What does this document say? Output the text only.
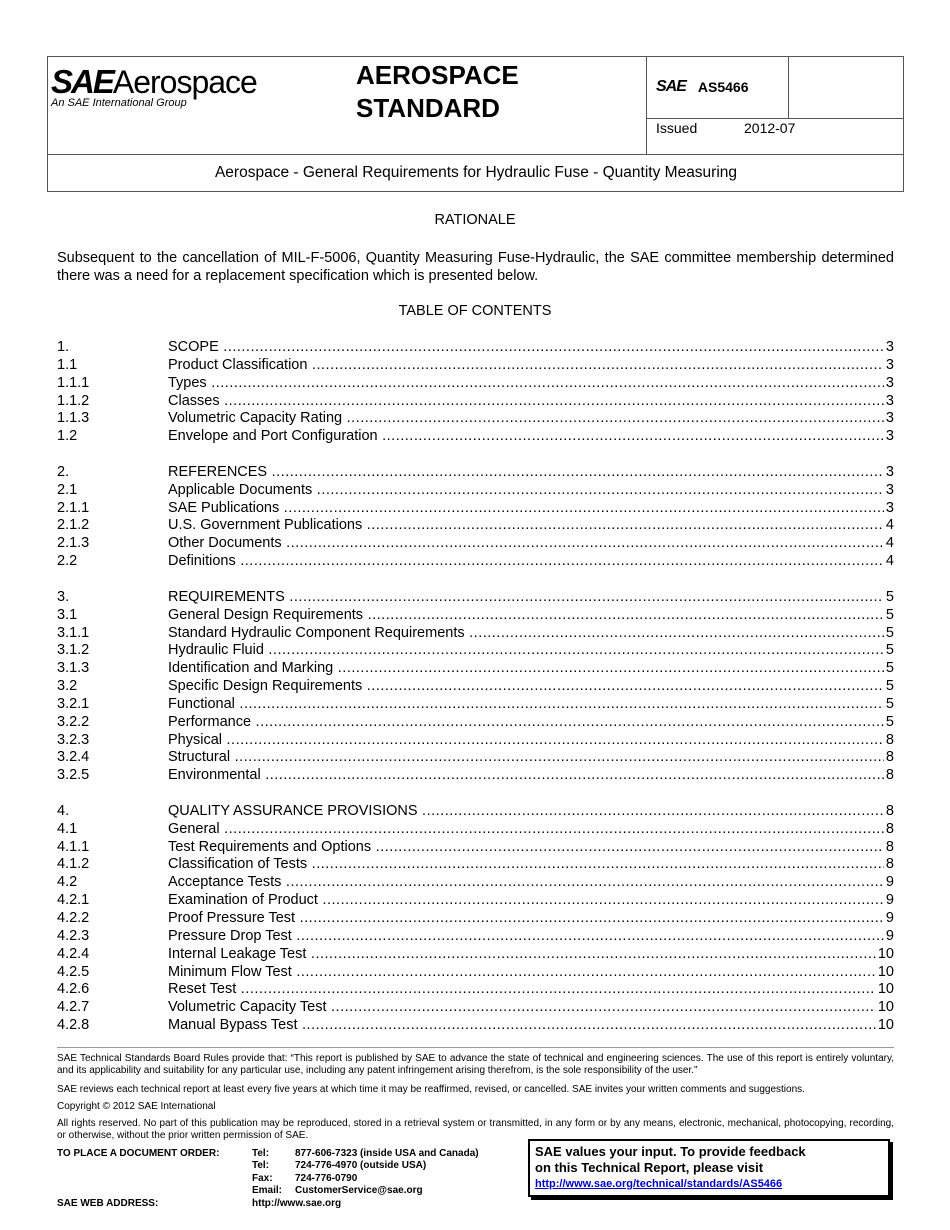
SAEAerospace
An SAE International Group
AEROSPACE
STANDARD
SAE AS5466
Issued	2012-07
Aerospace - General Requirements for Hydraulic Fuse - Quantity Measuring
RATIONALE
Subsequent to the cancellation of MIL-F-5006, Quantity Measuring Fuse-Hydraulic, the SAE committee membership determined there was a need for a replacement specification which is presented below.
TABLE OF CONTENTS
1.	SCOPE .....	3
1.1	Product Classification .....	3
1.1.1	Types .....	3
1.1.2	Classes .....	3
1.1.3	Volumetric Capacity Rating .....	3
1.2	Envelope and Port Configuration .....	3
2.	REFERENCES .....	3
2.1	Applicable Documents .....	3
2.1.1	SAE Publications .....	3
2.1.2	U.S. Government Publications .....	4
2.1.3	Other Documents .....	4
2.2	Definitions .....	4
3.	REQUIREMENTS .....	5
3.1	General Design Requirements .....	5
3.1.1	Standard Hydraulic Component Requirements .....	5
3.1.2	Hydraulic Fluid .....	5
3.1.3	Identification and Marking .....	5
3.2	Specific Design Requirements .....	5
3.2.1	Functional .....	5
3.2.2	Performance .....	5
3.2.3	Physical .....	8
3.2.4	Structural .....	8
3.2.5	Environmental .....	8
4.	QUALITY ASSURANCE PROVISIONS .....	8
4.1	General .....	8
4.1.1	Test Requirements and Options .....	8
4.1.2	Classification of Tests .....	8
4.2	Acceptance Tests .....	9
4.2.1	Examination of Product .....	9
4.2.2	Proof Pressure Test .....	9
4.2.3	Pressure Drop Test .....	9
4.2.4	Internal Leakage Test .....	10
4.2.5	Minimum Flow Test .....	10
4.2.6	Reset Test .....	10
4.2.7	Volumetric Capacity Test .....	10
4.2.8	Manual Bypass Test .....	10
SAE Technical Standards Board Rules provide that: “This report is published by SAE to advance the state of technical and engineering sciences. The use of this report is entirely voluntary, and its applicability and suitability for any particular use, including any patent infringement arising therefrom, is the sole responsibility of the user.”
SAE reviews each technical report at least every five years at which time it may be reaffirmed, revised, or cancelled. SAE invites your written comments and suggestions.
Copyright © 2012 SAE International
All rights reserved. No part of this publication may be reproduced, stored in a retrieval system or transmitted, in any form or by any means, electronic, mechanical, photocopying, recording, or otherwise, without the prior written permission of SAE.
TO PLACE A DOCUMENT ORDER:	Tel:	877-606-7323 (inside USA and Canada)
Tel:	724-776-4970 (outside USA)
Fax:	724-776-0790
Email:	CustomerService@sae.org
SAE WEB ADDRESS:	http://www.sae.org
SAE values your input. To provide feedback
on this Technical Report, please visit
http://www.sae.org/technical/standards/AS5466
